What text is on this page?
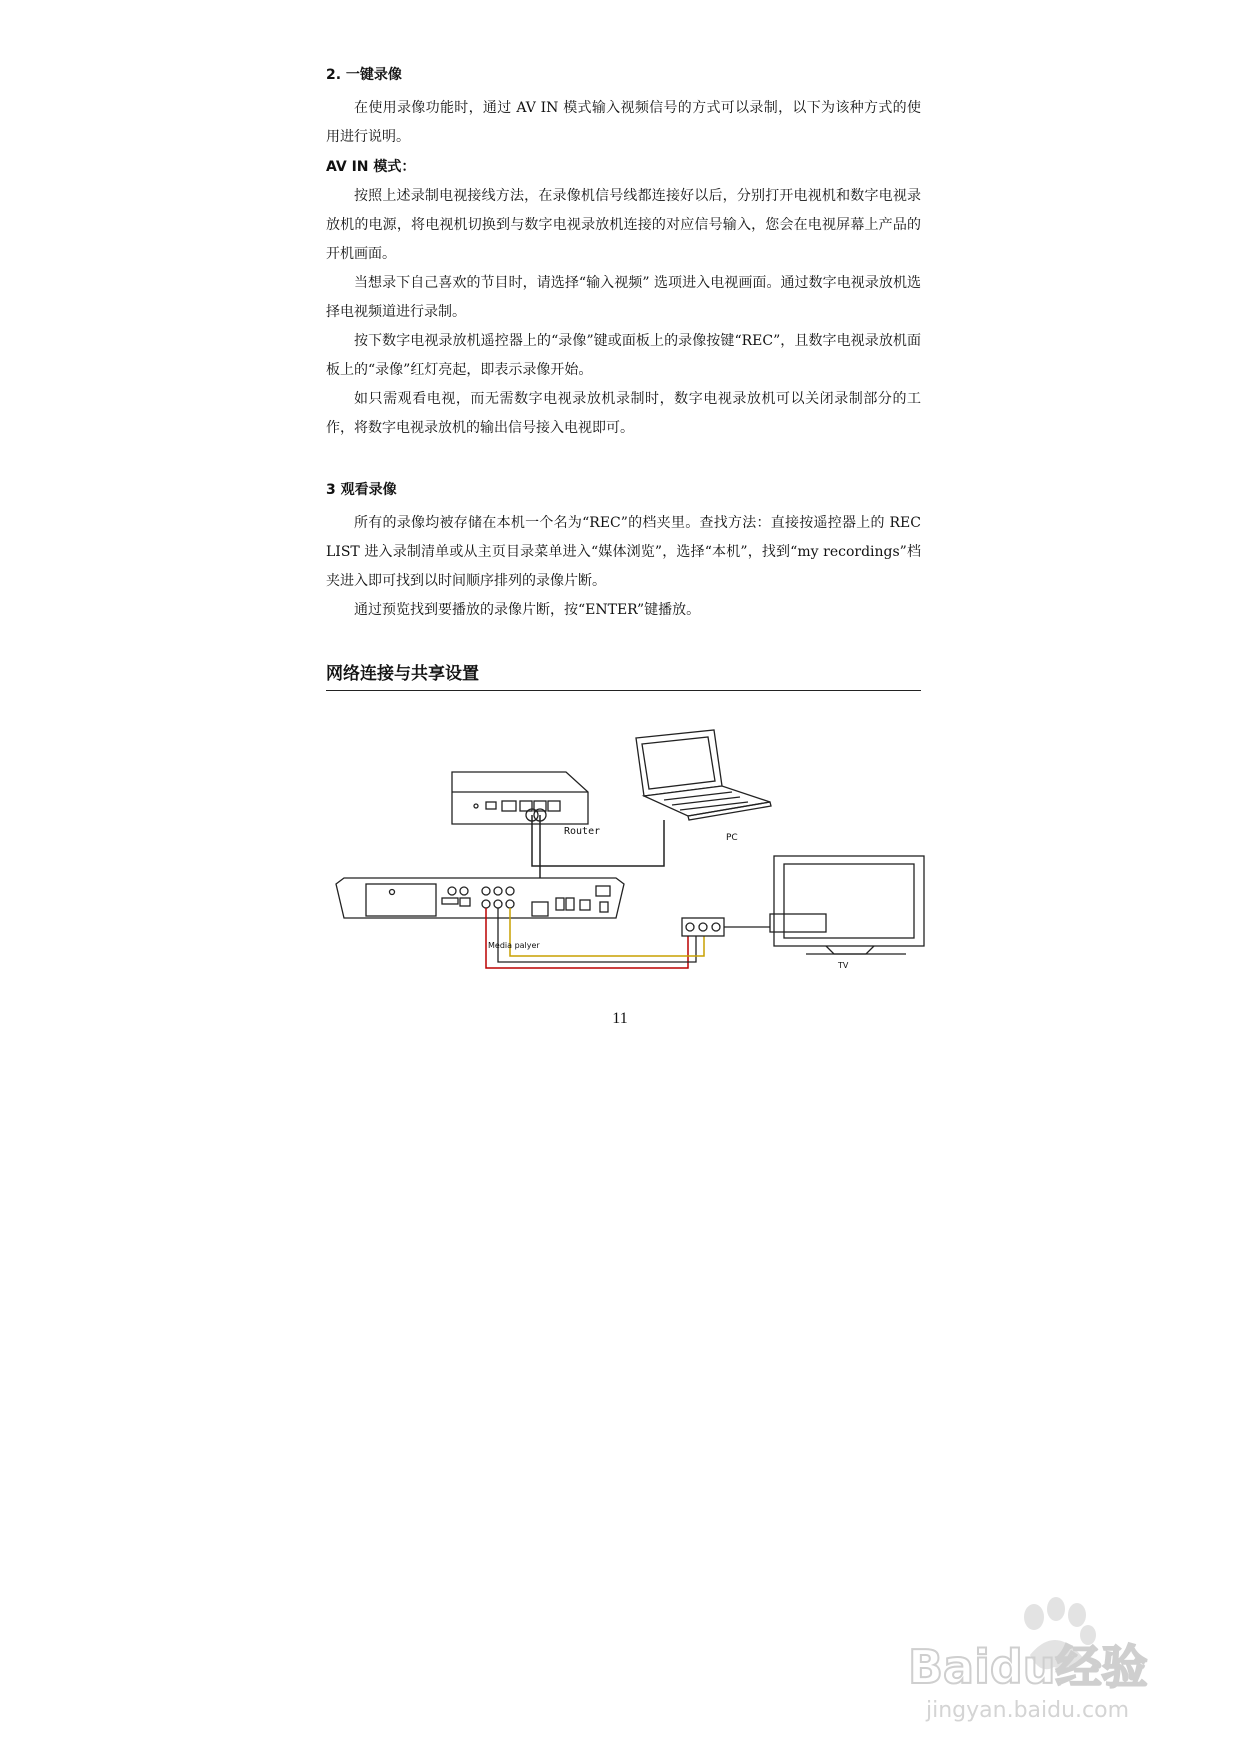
2. 一键录像

在使用录像功能时，通过 AV IN 模式输入视频信号的方式可以录制，以下为该种方式的使用进行说明。

AV IN 模式：

按照上述录制电视接线方法，在录像机信号线都连接好以后，分别打开电视机和数字电视录放机的电源，将电视机切换到与数字电视录放机连接的对应信号输入，您会在电视屏幕上产品的开机画面。

当想录下自己喜欢的节目时，请选择“输入视频” 选项进入电视画面。通过数字电视录放机选择电视频道进行录制。

按下数字电视录放机遥控器上的“录像”键或面板上的录像按键“REC”，且数字电视录放机面板上的“录像”红灯亮起，即表示录像开始。

如只需观看电视，而无需数字电视录放机录制时，数字电视录放机可以关闭录制部分的工作，将数字电视录放机的输出信号接入电视即可。

3 观看录像

所有的录像均被存储在本机一个名为“REC”的档夹里。查找方法：直接按遥控器上的 REC LIST 进入录制清单或从主页目录菜单进入“媒体浏览”，选择“本机”，找到“my recordings”档夹进入即可找到以时间顺序排列的录像片断。

通过预览找到要播放的录像片断，按“ENTER”键播放。

网络连接与共享设置
Router
PC
Media palyer
TV
11
Baidu经验
jingyan.baidu.com
